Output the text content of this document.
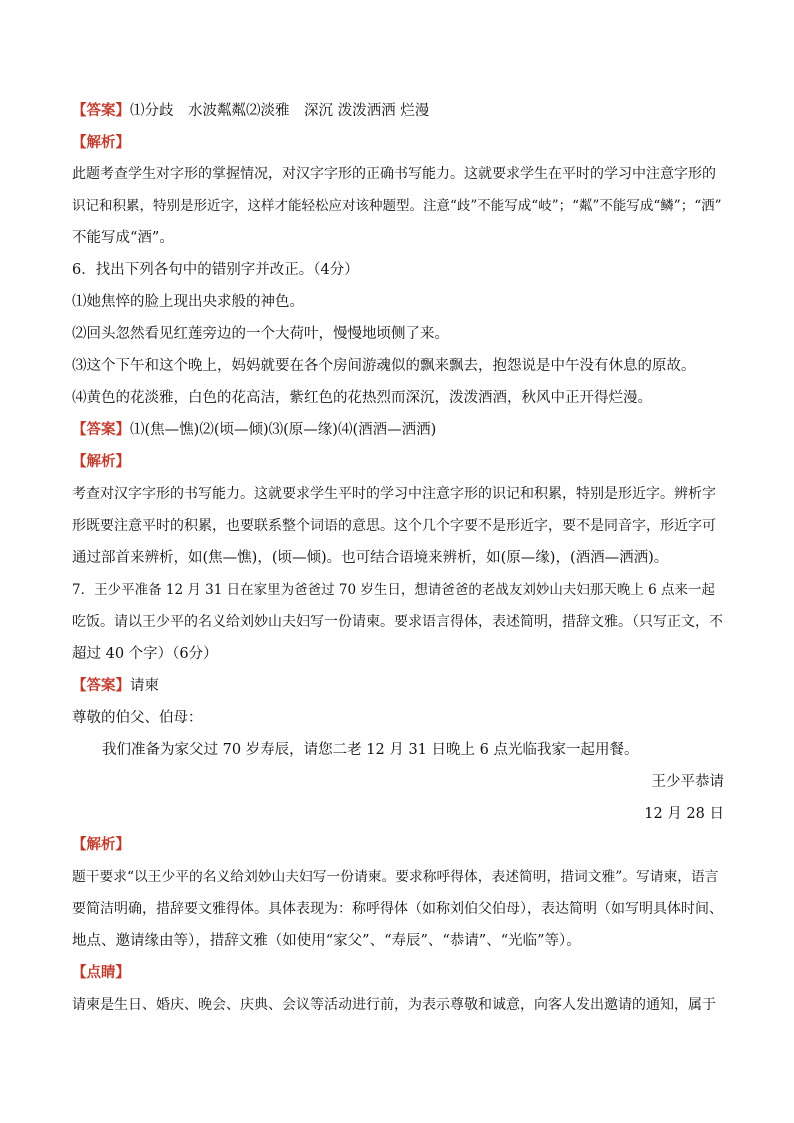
【答案】⑴分歧　水波粼粼⑵淡雅　深沉 泼泼洒洒 烂漫
【解析】
此题考查学生对字形的掌握情况，对汉字字形的正确书写能力。这就要求学生在平时的学习中注意字形的
识记和积累，特别是形近字，这样才能轻松应对该种题型。注意“歧”不能写成“岐”；“粼”不能写成“鳞”；“洒”
不能写成“酒”。
6．找出下列各句中的错别字并改正。（4分）
⑴她焦悴的脸上现出央求般的神色。
⑵回头忽然看见红莲旁边的一个大荷叶，慢慢地顷侧了来。
⑶这个下午和这个晚上，妈妈就要在各个房间游魂似的飘来飘去，抱怨说是中午没有休息的原故。
⑷黄色的花淡雅，白色的花高洁，紫红色的花热烈而深沉，泼泼酒酒，秋风中正开得烂漫。
【答案】⑴(焦—憔)⑵(顷—倾)⑶(原—缘)⑷(酒酒—洒洒)
【解析】
考查对汉字字形的书写能力。这就要求学生平时的学习中注意字形的识记和积累，特别是形近字。辨析字
形既要注意平时的积累，也要联系整个词语的意思。这个几个字要不是形近字，要不是同音字，形近字可
通过部首来辨析，如(焦—憔)，(顷—倾)。也可结合语境来辨析，如(原—缘)，(酒酒—洒洒)。
7．王少平准备 12 月 31 日在家里为爸爸过 70 岁生日，想请爸爸的老战友刘妙山夫妇那天晚上 6 点来一起
吃饭。请以王少平的名义给刘妙山夫妇写一份请柬。要求语言得体，表述简明，措辞文雅。（只写正文，不
超过 40 个字）（6分）
【答案】请柬
尊敬的伯父、伯母：
我们准备为家父过 70 岁寿辰，请您二老 12 月 31 日晚上 6 点光临我家一起用餐。
王少平恭请
12 月 28 日
【解析】
题干要求“以王少平的名义给刘妙山夫妇写一份请柬。要求称呼得体，表述简明，措词文雅”。写请柬，语言
要简洁明确，措辞要文雅得体。具体表现为：称呼得体（如称刘伯父伯母），表达简明（如写明具体时间、
地点、邀请缘由等），措辞文雅（如使用“家父”、“寿辰”、“恭请”、“光临”等）。
【点睛】
请柬是生日、婚庆、晚会、庆典、会议等活动进行前，为表示尊敬和诚意，向客人发出邀请的通知，属于
